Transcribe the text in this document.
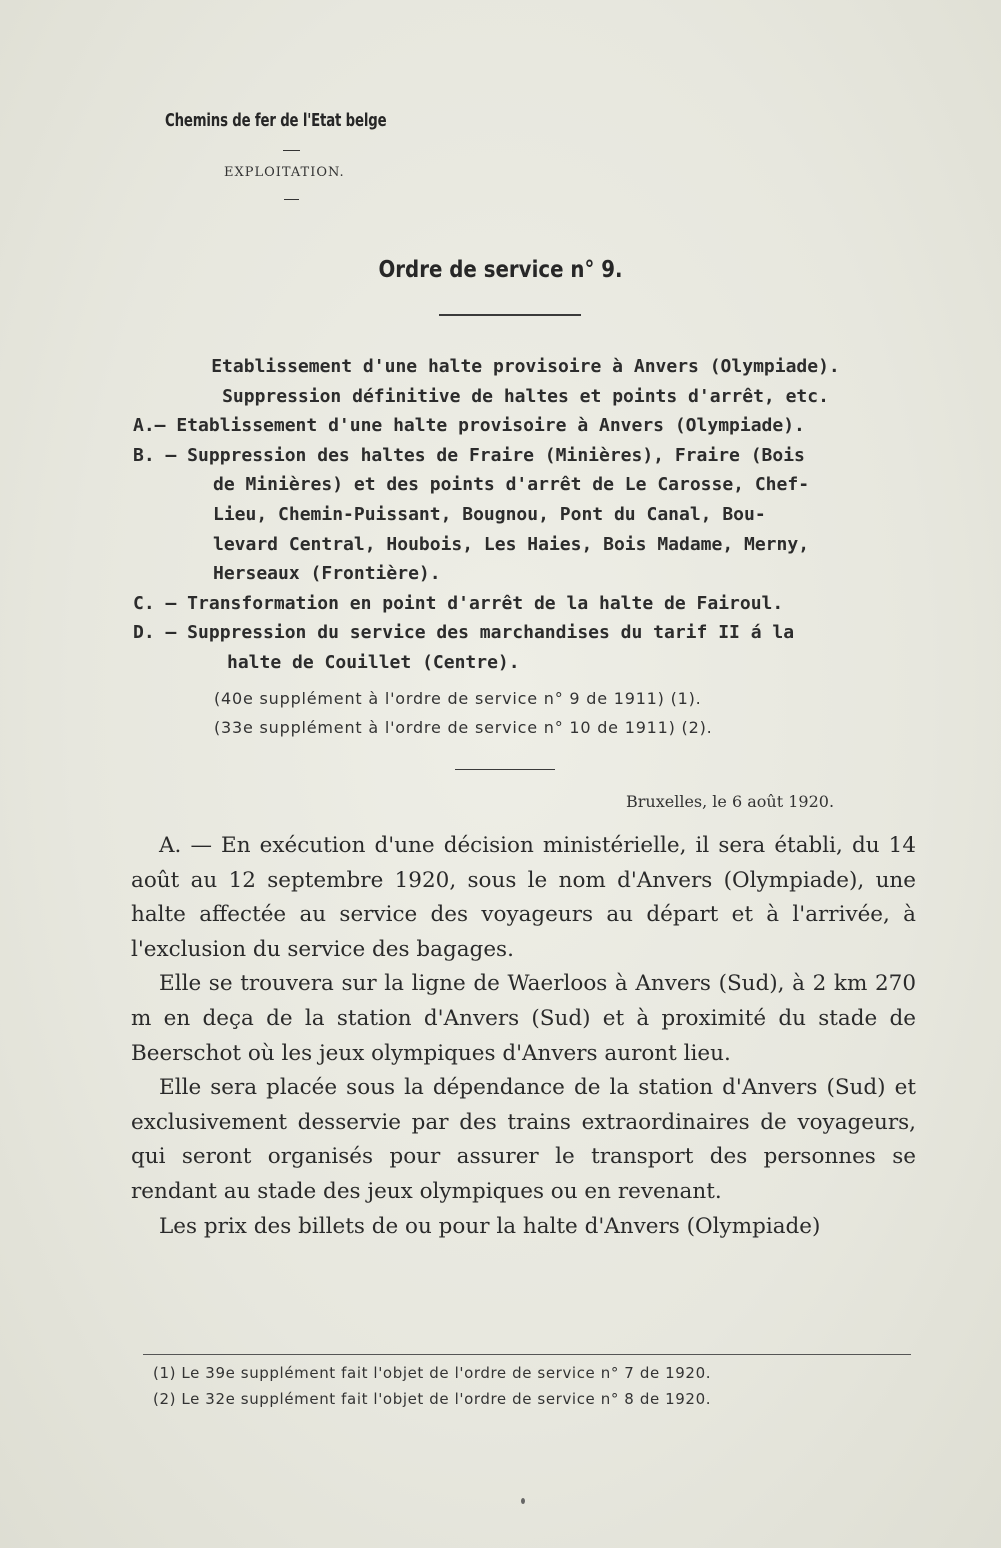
Chemins de fer de l'Etat belge
EXPLOITATION.
Ordre de service n° 9.
Etablissement d'une halte provisoire à Anvers (Olympiade).
Suppression définitive de haltes et points d'arrêt, etc.
A.— Etablissement d'une halte provisoire à Anvers (Olympiade).
B. — Suppression des haltes de Fraire (Minières), Fraire (Bois
de Minières) et des points d'arrêt de Le Carosse, Chef-
Lieu, Chemin-Puissant, Bougnou, Pont du Canal, Bou-
levard Central, Houbois, Les Haies, Bois Madame, Merny,
Herseaux (Frontière).
C. — Transformation en point d'arrêt de la halte de Fairoul.
D. — Suppression du service des marchandises du tarif II á la
halte de Couillet (Centre).
(40e supplément à l'ordre de service n° 9 de 1911) (1).
(33e supplément à l'ordre de service n° 10 de 1911) (2).
Bruxelles, le 6 août 1920.

A. — En exécution d'une décision ministérielle, il sera établi, du 14 août au 12 septembre 1920, sous le nom d'Anvers (Olympiade), une halte affectée au service des voyageurs au départ et à l'arrivée, à l'exclusion du service des bagages.

Elle se trouvera sur la ligne de Waerloos à Anvers (Sud), à 2 km 270 m en deça de la station d'Anvers (Sud) et à proximité du stade de Beerschot où les jeux olympiques d'Anvers auront lieu.

Elle sera placée sous la dépendance de la station d'Anvers (Sud) et exclusivement desservie par des trains extraordinaires de voyageurs, qui seront organisés pour assurer le transport des personnes se rendant au stade des jeux olympiques ou en revenant.

Les prix des billets de ou pour la halte d'Anvers (Olympiade)

(1) Le 39e supplément fait l'objet de l'ordre de service n° 7 de 1920.
(2) Le 32e supplément fait l'objet de l'ordre de service n° 8 de 1920.
